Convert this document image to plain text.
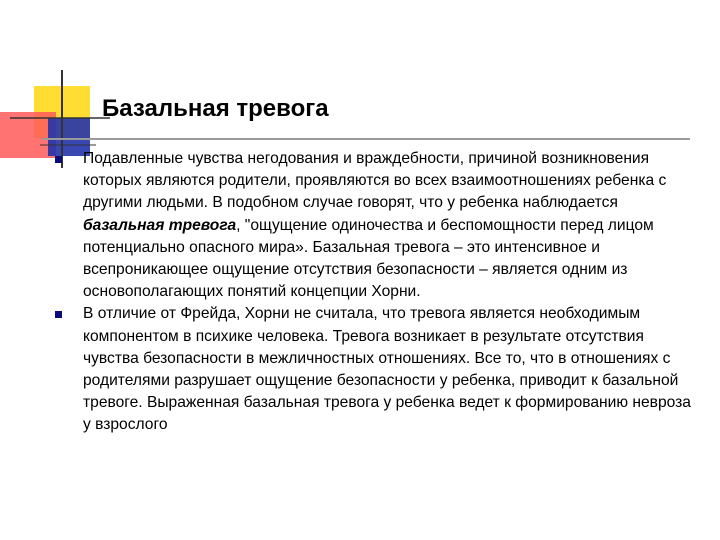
Базальная тревога
Подавленные чувства негодования и враждебности, причиной возникновения которых являются родители, проявляются во всех взаимоотношениях ребенка с другими людьми. В подобном случае говорят, что у ребенка наблюдается базальная тревога, "ощущение одиночества и беспомощности перед лицом потенциально опасного мира». Базальная тревога – это интенсивное и всепроникающее ощущение отсутствия безопасности – является одним из основополагающих понятий концепции Хорни.
В отличие от Фрейда, Хорни не считала, что тревога является необходимым компонентом в психике человека. Тревога возникает в результате отсутствия чувства безопасности в межличностных отношениях. Все то, что в отношениях с родителями разрушает ощущение безопасности у ребенка, приводит к базальной тревоге. Выраженная базальная тревога у ребенка ведет к формированию невроза у взрослого
